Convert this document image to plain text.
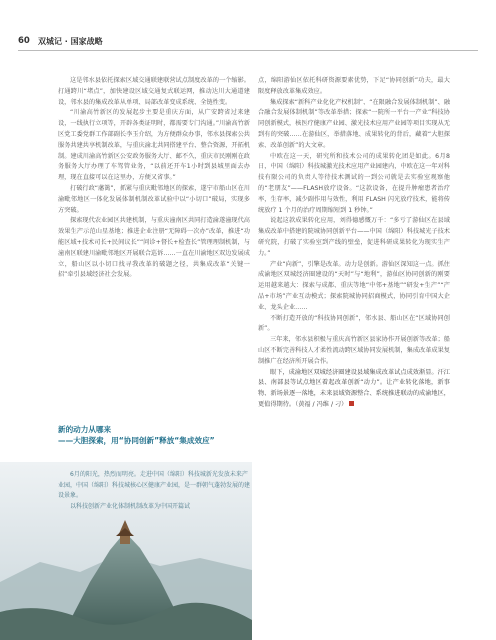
60 双城记 · 国家战略

这是邻水县依托探索区域交通联建联营试点制度改革的一个缩影。打通跨川“堵点”，加快建设区域交通复式联运网，推动达川大通道建设，邻水县的集成改革从单项、局部改革变成系统、全链性变。

“川渝高竹新区的发展起步主要是重庆方面，从广安跨省过来建设，一线执行立项等，开辟各类证明时，都需要专门沟通。”川渝高竹新区党工委党群工作部副长李玉介绍，为方便群众办事，邻水县探索公共服务共建共享机制改革，与重庆渝北共同搭建平台、整合资源，开拓机制。建成川渝高竹新区公安政务服务大厅、邮不久，重庆市民刚刚在政务服务大厅办理了车驾管业务，“以前还开车1小时到县城里面去办理，现在直接可以在这里办，方便又省事。”

打破行政“藩篱”，抓紧与重庆毗邻地区的探索，遂宁市船山区在川渝毗邻地区一体化发展体制机制改革试验中以“小切口”破局，实现多方突破。

探索现代农业园区共建机制，与重庆潼南区共同打造渝遂潼现代高效果生产示范山星基地；推进企业注册“无障碍一次办”改革，推进“功能区域+技术司长+民间议长”“问诊+督长+检查长”管理理制机制，与潼南区联建川渝毗邻地区开展联合巡诉……一直在川渝地区双边发展成立，船山区以小切口找寻我改革的破题之径，共集成改革“关键一招”牵引县域经济社会发展。

新的动力从哪来
——大胆探索，用“协同创新”释放“集成效应”

6月的阳光，热烈而明亮。走进中国（绵阳）科技城新光发放未来产业园，中国（绵阳）科技城核心区健康产业园，是一群朝气蓬勃发展的建设景象。

以科技创新产业化体制机制改革为中国开篇试

点，绵阳游仙区依托科研资源要素优势，下足“协同创新”功夫，最大限度释放改革集成效应。

集成探索“新科产业化化产权机制”、“在限融合发展体制机制”、融合融合发展体制机制”等改革举措；探索“一院所一平台一产业”科技协同创新模式，核医疗健康产业园、激光技术应用产业园等项目实现从无到有的突破……在游仙区，举措落地、成果转化的背后，藏着“大胆探索、改革创新”的大文章。

中欧在这一天，研究所和技术公司的成果转化团是如此。6月8日，中国（绵阳）科技城激光技术应用产业园建内，中欧在这一年对科技有限公司的负责人等待技术测试的一到公司就是去实验室观察他的“老朋友”——FLASH放疗设备。“这款设备，在提升肿瘤患者治疗率，生存率，减少副作用与效性，利用 FLASH 闪光放疗技术，能将传统放疗 1 个月的治疗周期缩短到 1 秒钟。”

说起这款成果转化应用，刘得德感慨万千：“多亏了游仙区在县域集成改革中搭建的院城协同创新平台——中国（绵阳）科技城光子技术研究院，打破了实验室到产线的壁垒，促进科研成果转化为现实生产力。”

产业“向新”，引擎是改革。动力是创新。游仙区深知这一点。抓住成渝地区双城经济圈建设的“天时”与“地利”，游仙区协同创新的刚要运用越来越大：探索与成都、重庆等地“中邻+基地”“研发+生产”“产品+市场”产业互动模式；探索院城协同招商模式，协同引育中国大企业、龙头企业……

不断打造开放的“科技协同创新”，邻水县、船山区在“区域协同创新”。

三年来，邻水县积极与重庆高竹新区县家协作开展创新等改革；船山区不断完善科技人才柔性流动跨区域协同发展机制，集成改革成果复制推广在经济所开展合作。

眼下，成渝地区双城经济圈建设县域集成改革试点成效渐显。汗江县、南部县等试点地区着起改革创新“动力”。让产业转化落地，新事物、新场景逐一落地，未来县域资源整合、系统推进联动的成渝地区，更值得期待。（黄福 / 冯维 / 刁）
